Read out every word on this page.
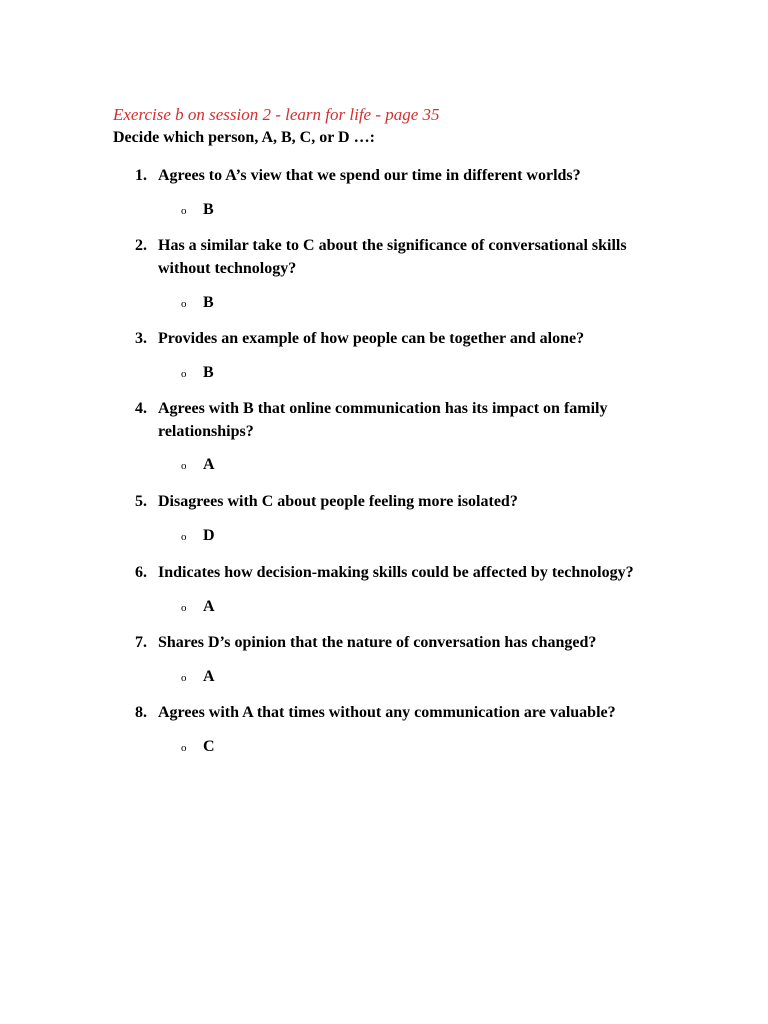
Exercise b on session 2 - learn for life - page 35
Decide which person, A, B, C, or D …:
1. Agrees to A’s view that we spend our time in different worlds?
o B
2. Has a similar take to C about the significance of conversational skills without technology?
o B
3. Provides an example of how people can be together and alone?
o B
4. Agrees with B that online communication has its impact on family relationships?
o A
5. Disagrees with C about people feeling more isolated?
o D
6. Indicates how decision-making skills could be affected by technology?
o A
7. Shares D’s opinion that the nature of conversation has changed?
o A
8. Agrees with A that times without any communication are valuable?
o C
